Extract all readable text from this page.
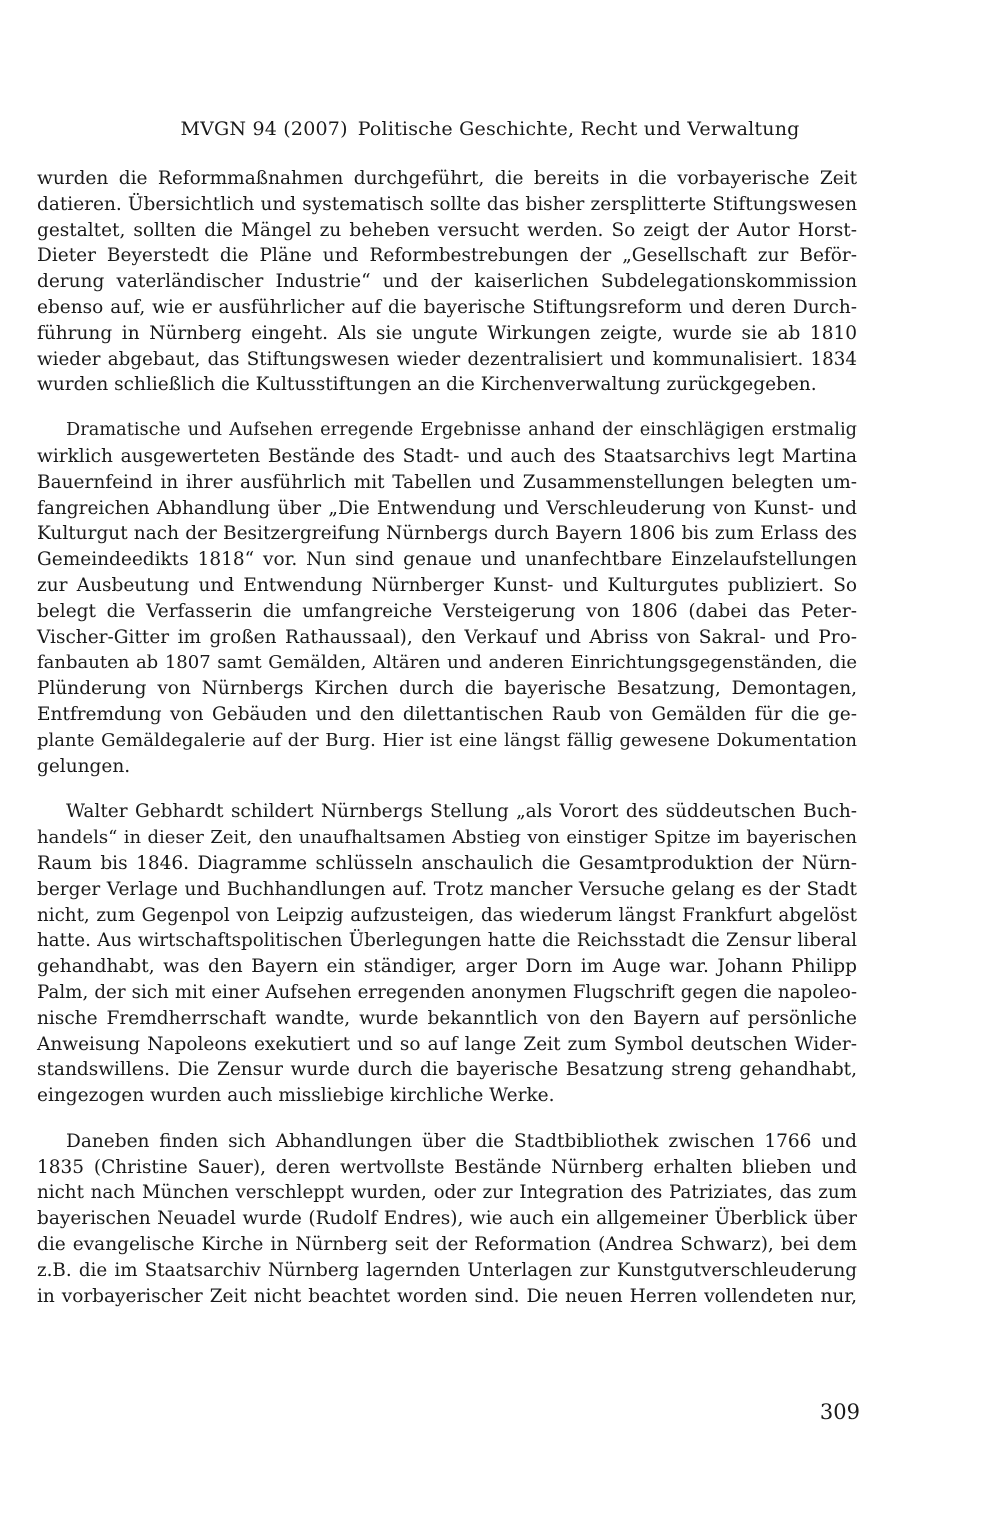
MVGN 94 (2007) Politische Geschichte, Recht und Verwaltung
wurden die Reformmaßnahmen durchgeführt, die bereits in die vorbayerische Zeit
datieren. Übersichtlich und systematisch sollte das bisher zersplitterte Stiftungswesen
gestaltet, sollten die Mängel zu beheben versucht werden. So zeigt der Autor Horst-
Dieter Beyerstedt die Pläne und Reformbestrebungen der „Gesellschaft zur Beför-
derung vaterländischer Industrie“ und der kaiserlichen Subdelegationskommission
ebenso auf, wie er ausführlicher auf die bayerische Stiftungsreform und deren Durch-
führung in Nürnberg eingeht. Als sie ungute Wirkungen zeigte, wurde sie ab 1810
wieder abgebaut, das Stiftungswesen wieder dezentralisiert und kommunalisiert. 1834
wurden schließlich die Kultusstiftungen an die Kirchenverwaltung zurückgegeben.
Dramatische und Aufsehen erregende Ergebnisse anhand der einschlägigen erstmalig
wirklich ausgewerteten Bestände des Stadt- und auch des Staatsarchivs legt Martina
Bauernfeind in ihrer ausführlich mit Tabellen und Zusammenstellungen belegten um-
fangreichen Abhandlung über „Die Entwendung und Verschleuderung von Kunst- und
Kulturgut nach der Besitzergreifung Nürnbergs durch Bayern 1806 bis zum Erlass des
Gemeindeedikts 1818“ vor. Nun sind genaue und unanfechtbare Einzelaufstellungen
zur Ausbeutung und Entwendung Nürnberger Kunst- und Kulturgutes publiziert. So
belegt die Verfasserin die umfangreiche Versteigerung von 1806 (dabei das Peter-
Vischer-Gitter im großen Rathaussaal), den Verkauf und Abriss von Sakral- und Pro-
fanbauten ab 1807 samt Gemälden, Altären und anderen Einrichtungsgegenständen, die
Plünderung von Nürnbergs Kirchen durch die bayerische Besatzung, Demontagen,
Entfremdung von Gebäuden und den dilettantischen Raub von Gemälden für die ge-
plante Gemäldegalerie auf der Burg. Hier ist eine längst fällig gewesene Dokumentation
gelungen.
Walter Gebhardt schildert Nürnbergs Stellung „als Vorort des süddeutschen Buch-
handels“ in dieser Zeit, den unaufhaltsamen Abstieg von einstiger Spitze im bayerischen
Raum bis 1846. Diagramme schlüsseln anschaulich die Gesamtproduktion der Nürn-
berger Verlage und Buchhandlungen auf. Trotz mancher Versuche gelang es der Stadt
nicht, zum Gegenpol von Leipzig aufzusteigen, das wiederum längst Frankfurt abgelöst
hatte. Aus wirtschaftspolitischen Überlegungen hatte die Reichsstadt die Zensur liberal
gehandhabt, was den Bayern ein ständiger, arger Dorn im Auge war. Johann Philipp
Palm, der sich mit einer Aufsehen erregenden anonymen Flugschrift gegen die napoleo-
nische Fremdherrschaft wandte, wurde bekanntlich von den Bayern auf persönliche
Anweisung Napoleons exekutiert und so auf lange Zeit zum Symbol deutschen Wider-
standswillens. Die Zensur wurde durch die bayerische Besatzung streng gehandhabt,
eingezogen wurden auch missliebige kirchliche Werke.
Daneben finden sich Abhandlungen über die Stadtbibliothek zwischen 1766 und
1835 (Christine Sauer), deren wertvollste Bestände Nürnberg erhalten blieben und
nicht nach München verschleppt wurden, oder zur Integration des Patriziates, das zum
bayerischen Neuadel wurde (Rudolf Endres), wie auch ein allgemeiner Überblick über
die evangelische Kirche in Nürnberg seit der Reformation (Andrea Schwarz), bei dem
z.B. die im Staatsarchiv Nürnberg lagernden Unterlagen zur Kunstgutverschleuderung
in vorbayerischer Zeit nicht beachtet worden sind. Die neuen Herren vollendeten nur,
309
